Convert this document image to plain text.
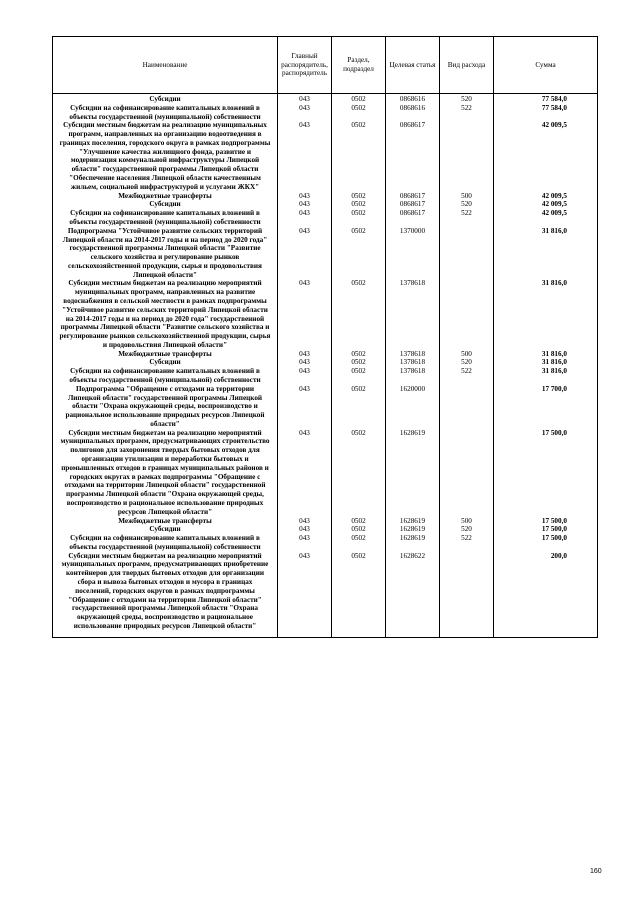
Наименование	Главный распорядитель, распорядитель	Раздел, подраздел	Целевая статья	Вид расхода	Сумма
Субсидии	043	0502	0868616	520	77 584,0
Субсидии на софинансирование капитальных вложений в объекты государственной (муниципальной) собственности	043	0502	0868616	522	77 584,0
Субсидии местным бюджетам на реализацию муниципальных программ, направленных на организацию водоотведения в границах поселения, городского округа в рамках подпрограммы "Улучшение качества жилищного фонда, развитие и модернизация коммунальной инфраструктуры Липецкой области" государственной программы Липецкой области "Обеспечение населения Липецкой области качественным жильем, социальной инфраструктурой и услугами ЖКХ"	043	0502	0868617		42 009,5
Межбюджетные трансферты	043	0502	0868617	500	42 009,5
Субсидии	043	0502	0868617	520	42 009,5
Субсидии на софинансирование капитальных вложений в объекты государственной (муниципальной) собственности	043	0502	0868617	522	42 009,5
Подпрограмма "Устойчивое развитие сельских территорий Липецкой области на 2014-2017 годы и на период до 2020 года" государственной программы Липецкой области "Развитие сельского хозяйства и регулирование рынков сельскохозяйственной продукции, сырья и продовольствия Липецкой области"	043	0502	1370000		31 816,0
Субсидии местным бюджетам на реализацию мероприятий муниципальных программ, направленных на развитие водоснабжения в сельской местности в рамках подпрограммы "Устойчивое развитие сельских территорий Липецкой области на 2014-2017 годы и на период до 2020 года" государственной программы Липецкой области "Развитие сельского хозяйства и регулирование рынков сельскохозяйственной продукции, сырья и продовольствия Липецкой области"	043	0502	1378618		31 816,0
Межбюджетные трансферты	043	0502	1378618	500	31 816,0
Субсидии	043	0502	1378618	520	31 816,0
Субсидии на софинансирование капитальных вложений в объекты государственной (муниципальной) собственности	043	0502	1378618	522	31 816,0
Подпрограмма "Обращение с отходами на территории Липецкой области" государственной программы Липецкой области "Охрана окружающей среды, воспроизводство и рациональное использование природных ресурсов Липецкой области"	043	0502	1620000		17 700,0
Субсидии местным бюджетам на реализацию мероприятий муниципальных программ, предусматривающих строительство полигонов для захоронения твердых бытовых отходов для организации утилизации и переработки бытовых и промышленных отходов в границах муниципальных районов и городских округах в рамках подпрограммы "Обращение с отходами на территории Липецкой области" государственной программы Липецкой области "Охрана окружающей среды, воспроизводство и рациональное использование природных ресурсов Липецкой области"	043	0502	1628619		17 500,0
Межбюджетные трансферты	043	0502	1628619	500	17 500,0
Субсидии	043	0502	1628619	520	17 500,0
Субсидии на софинансирование капитальных вложений в объекты государственной (муниципальной) собственности	043	0502	1628619	522	17 500,0
Субсидии местным бюджетам на реализацию мероприятий муниципальных программ, предусматривающих приобретение контейнеров для твердых бытовых отходов для организации сбора и вывоза бытовых отходов и мусора в границах поселений, городских округов в рамках подпрограммы "Обращение с отходами на территории Липецкой области" государственной программы Липецкой области "Охрана окружающей среды, воспроизводство и рациональное использование природных ресурсов Липецкой области"	043	0502	1628622		200,0
160
